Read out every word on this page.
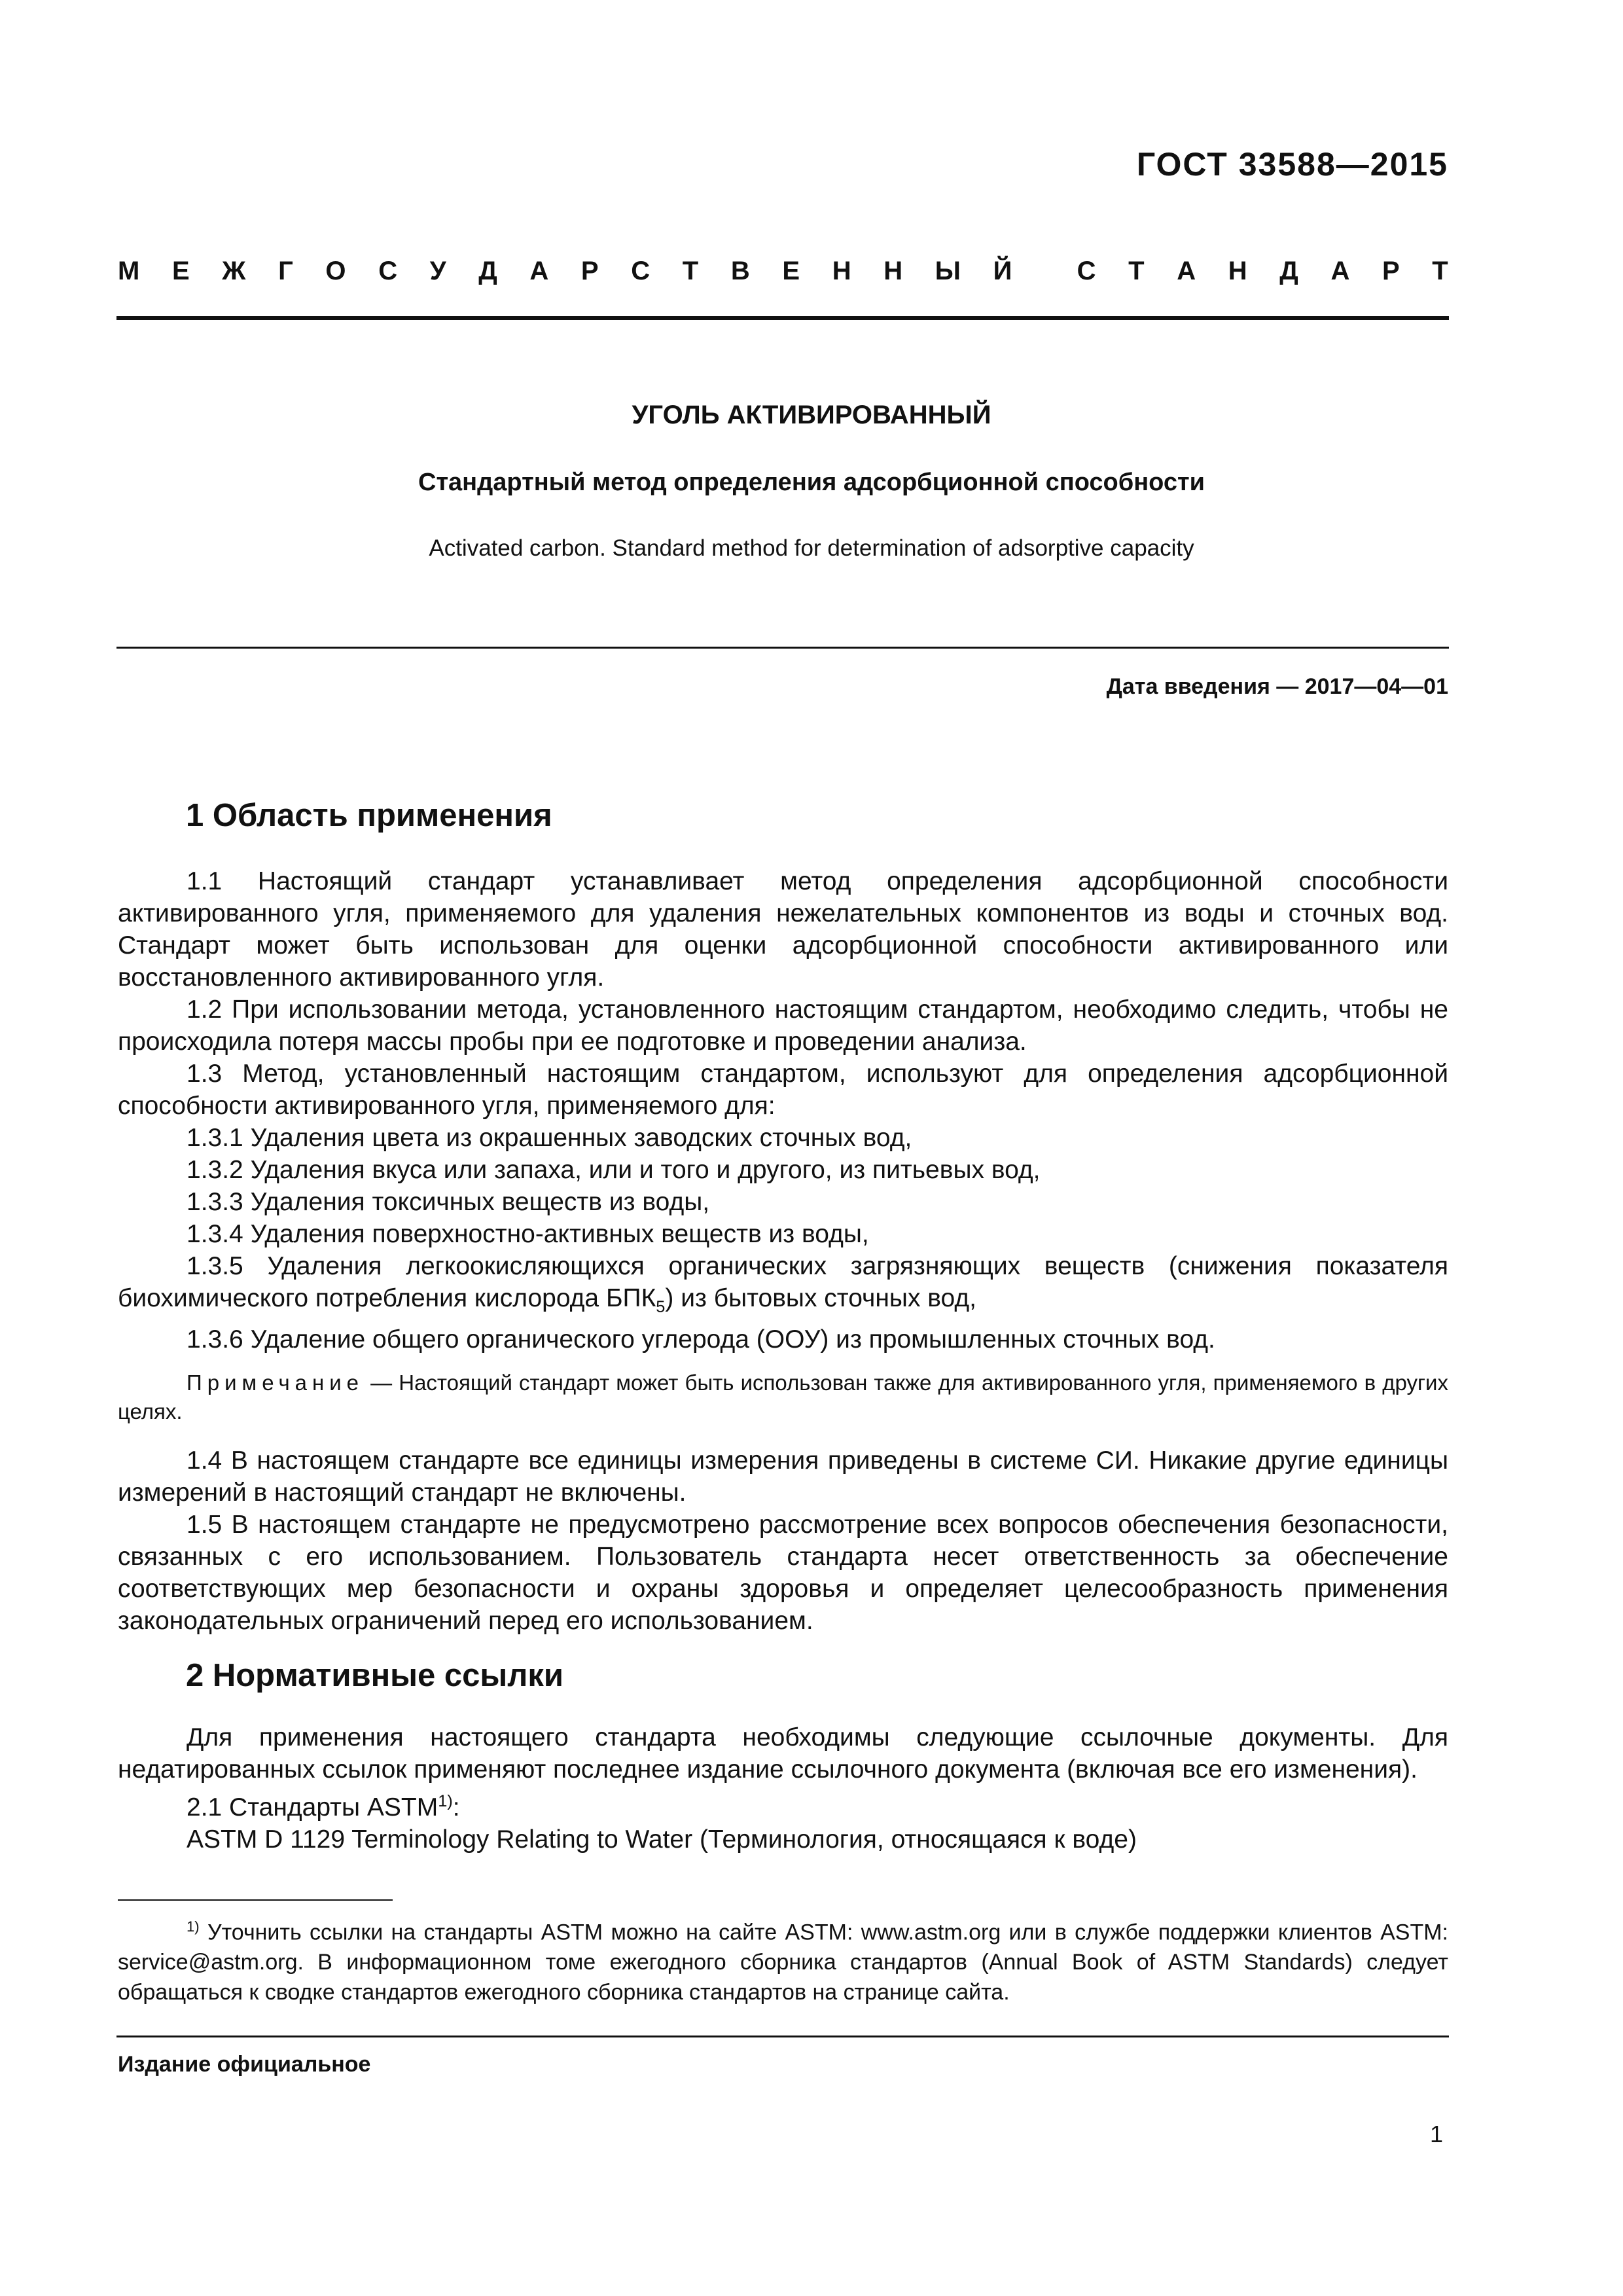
ГОСТ 33588—2015
М Е Ж Г О С У Д А Р С Т В Е Н Н Ы Й С Т А Н Д А Р Т
УГОЛЬ АКТИВИРОВАННЫЙ
Стандартный метод определения адсорбционной способности
Activated carbon. Standard method for determination of adsorptive capacity
Дата введения — 2017—04—01
1 Область применения

1.1 Настоящий стандарт устанавливает метод определения адсорбционной способности активированного угля, применяемого для удаления нежелательных компонентов из воды и сточных вод. Стандарт может быть использован для оценки адсорбционной способности активированного или восстановленного активированного угля.

1.2 При использовании метода, установленного настоящим стандартом, необходимо следить, чтобы не происходила потеря массы пробы при ее подготовке и проведении анализа.

1.3 Метод, установленный настоящим стандартом, используют для определения адсорбционной способности активированного угля, применяемого для:

1.3.1 Удаления цвета из окрашенных заводских сточных вод,

1.3.2 Удаления вкуса или запаха, или и того и другого, из питьевых вод,

1.3.3 Удаления токсичных веществ из воды,

1.3.4 Удаления поверхностно-активных веществ из воды,

1.3.5 Удаления легкоокисляющихся органических загрязняющих веществ (снижения показателя биохимического потребления кислорода $БПК_5$) из бытовых сточных вод,

1.3.6 Удаление общего органического углерода (ООУ) из промышленных сточных вод.

Примечание — Настоящий стандарт может быть использован также для активированного угля, применяемого в других целях.

1.4 В настоящем стандарте все единицы измерения приведены в системе СИ. Никакие другие единицы измерений в настоящий стандарт не включены.

1.5 В настоящем стандарте не предусмотрено рассмотрение всех вопросов обеспечения безопасности, связанных с его использованием. Пользователь стандарта несет ответственность за обеспечение соответствующих мер безопасности и охраны здоровья и определяет целесообразность применения законодательных ограничений перед его использованием.

2 Нормативные ссылки

Для применения настоящего стандарта необходимы следующие ссылочные документы. Для недатированных ссылок применяют последнее издание ссылочного документа (включая все его изменения).

2.1 Стандарты ASTM$^{1)}$:

ASTM D 1129 Terminology Relating to Water (Терминология, относящаяся к воде)

$^{1)}$ Уточнить ссылки на стандарты ASTM можно на сайте ASTM: www.astm.org или в службе поддержки клиентов ASTM: service@astm.org. В информационном томе ежегодного сборника стандартов (Annual Book of ASTM Standards) следует обращаться к сводке стандартов ежегодного сборника стандартов на странице сайта.
Издание официальное
1
